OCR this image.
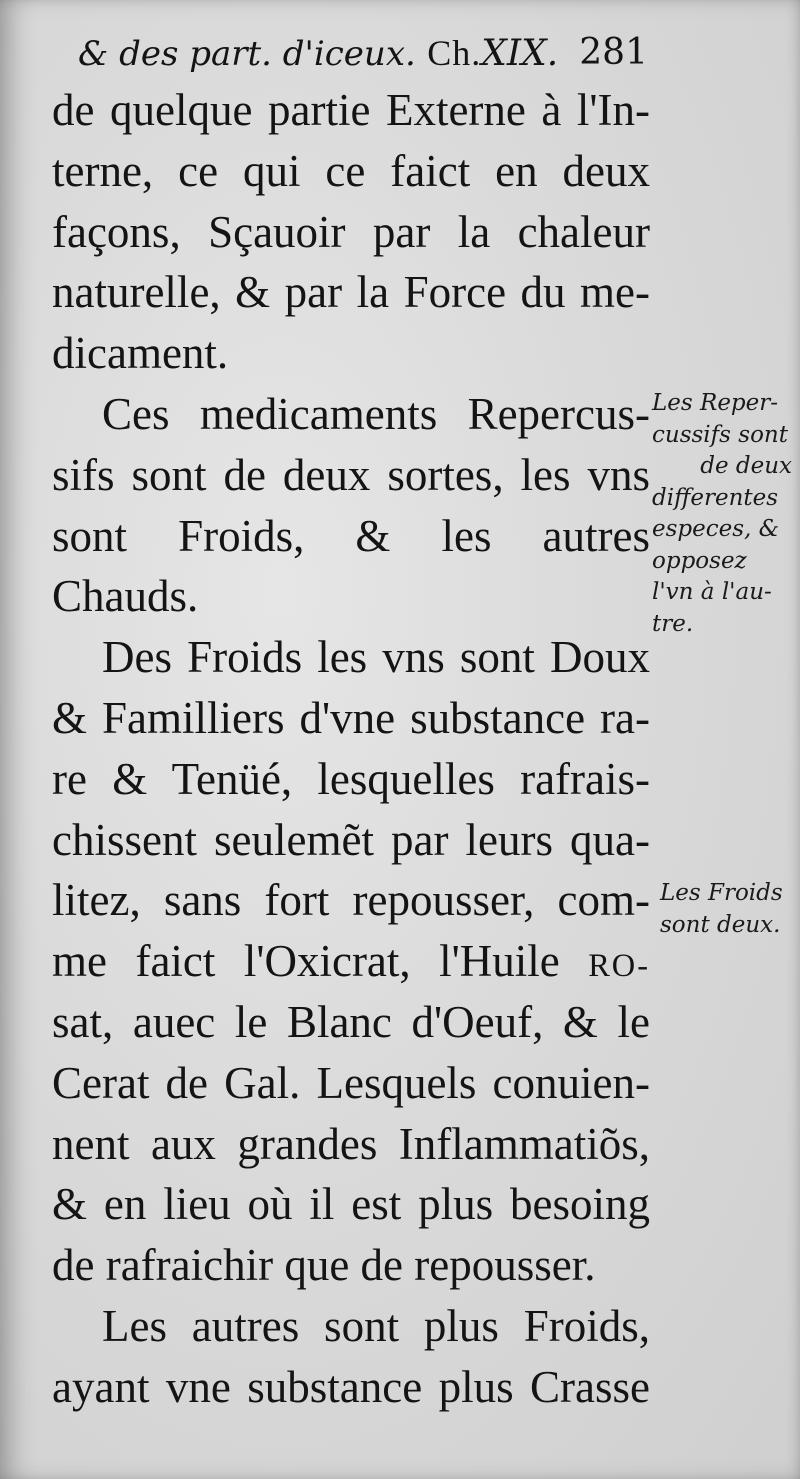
& des part. d'iceux. Ch.XIX. 281
de quelque partie Externe à l'In-
terne, ce qui ce faict en deux
façons, Sçauoir par la chaleur
naturelle, & par la Force du me-
dicament.
Ces medicaments Repercus-
sifs sont de deux sortes, les vns
sont Froids, & les autres
Chauds.
Des Froids les vns sont Doux
& Familliers d'vne substance ra-
re & Tenüé, lesquelles rafrais-
chissent seulemẽt par leurs qua-
litez, sans fort repousser, com-
me faict l'Oxicrat, l'Huile RO-
sat, auec le Blanc d'Oeuf, & le
Cerat de Gal. Lesquels conuien-
nent aux grandes Inflammatiõs,
& en lieu où il est plus besoing
de rafraichir que de repousser.
Les autres sont plus Froids,
ayant vne substance plus Crasse
Les Reper-
cussifs sont
de deux
differentes
especes, &
opposez
l'vn à l'au-
tre.
Les Froids
sont deux.
